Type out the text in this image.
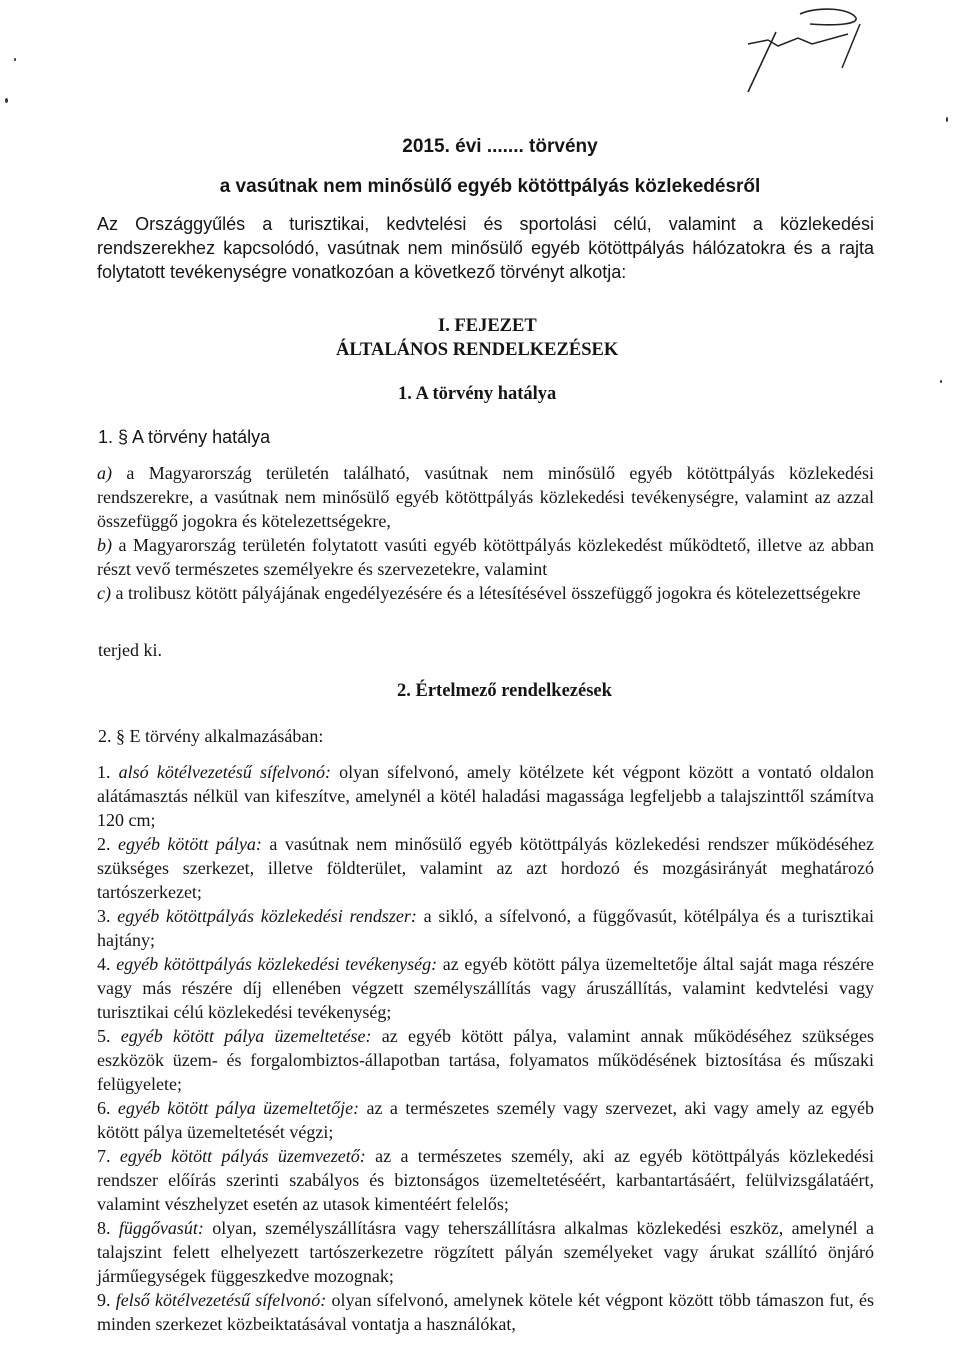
2015. évi ....... törvény
a vasútnak nem minősülő egyéb kötöttpályás közlekedésről
Az Országgyűlés a turisztikai, kedvtelési és sportolási célú, valamint a közlekedési rendszerekhez kapcsolódó, vasútnak nem minősülő egyéb kötöttpályás hálózatokra és a rajta folytatott tevékenységre vonatkozóan a következő törvényt alkotja:
I. FEJEZET
ÁLTALÁNOS RENDELKEZÉSEK
1. A törvény hatálya
1. § A törvény hatálya

a) a Magyarország területén található, vasútnak nem minősülő egyéb kötöttpályás közlekedési rendszerekre, a vasútnak nem minősülő egyéb kötöttpályás közlekedési tevékenységre, valamint az azzal összefüggő jogokra és kötelezettségekre,

b) a Magyarország területén folytatott vasúti egyéb kötöttpályás közlekedést működtető, illetve az abban részt vevő természetes személyekre és szervezetekre, valamint

c) a trolibusz kötött pályájának engedélyezésére és a létesítésével összefüggő jogokra és kötelezettségekre

terjed ki.
2. Értelmező rendelkezések
2. § E törvény alkalmazásában:

1. alsó kötélvezetésű sífelvonó: olyan sífelvonó, amely kötélzete két végpont között a vontató oldalon alátámasztás nélkül van kifeszítve, amelynél a kötél haladási magassága legfeljebb a talajszinttől számítva 120 cm;

2. egyéb kötött pálya: a vasútnak nem minősülő egyéb kötöttpályás közlekedési rendszer működéséhez szükséges szerkezet, illetve földterület, valamint az azt hordozó és mozgásirányát meghatározó tartószerkezet;

3. egyéb kötöttpályás közlekedési rendszer: a sikló, a sífelvonó, a függővasút, kötélpálya és a turisztikai hajtány;

4. egyéb kötöttpályás közlekedési tevékenység: az egyéb kötött pálya üzemeltetője által saját maga részére vagy más részére díj ellenében végzett személyszállítás vagy áruszállítás, valamint kedvtelési vagy turisztikai célú közlekedési tevékenység;

5. egyéb kötött pálya üzemeltetése: az egyéb kötött pálya, valamint annak működéséhez szükséges eszközök üzem- és forgalombiztos-állapotban tartása, folyamatos működésének biztosítása és műszaki felügyelete;

6. egyéb kötött pálya üzemeltetője: az a természetes személy vagy szervezet, aki vagy amely az egyéb kötött pálya üzemeltetését végzi;

7. egyéb kötött pályás üzemvezető: az a természetes személy, aki az egyéb kötöttpályás közlekedési rendszer előírás szerinti szabályos és biztonságos üzemeltetéséért, karbantartásáért, felülvizsgálatáért, valamint vészhelyzet esetén az utasok kimentéért felelős;

8. függővasút: olyan, személyszállításra vagy teherszállításra alkalmas közlekedési eszköz, amelynél a talajszint felett elhelyezett tartószerkezetre rögzített pályán személyeket vagy árukat szállító önjáró járműegységek függeszkedve mozognak;

9. felső kötélvezetésű sífelvonó: olyan sífelvonó, amelynek kötele két végpont között több támaszon fut, és minden szerkezet közbeiktatásával vontatja a használókat,
